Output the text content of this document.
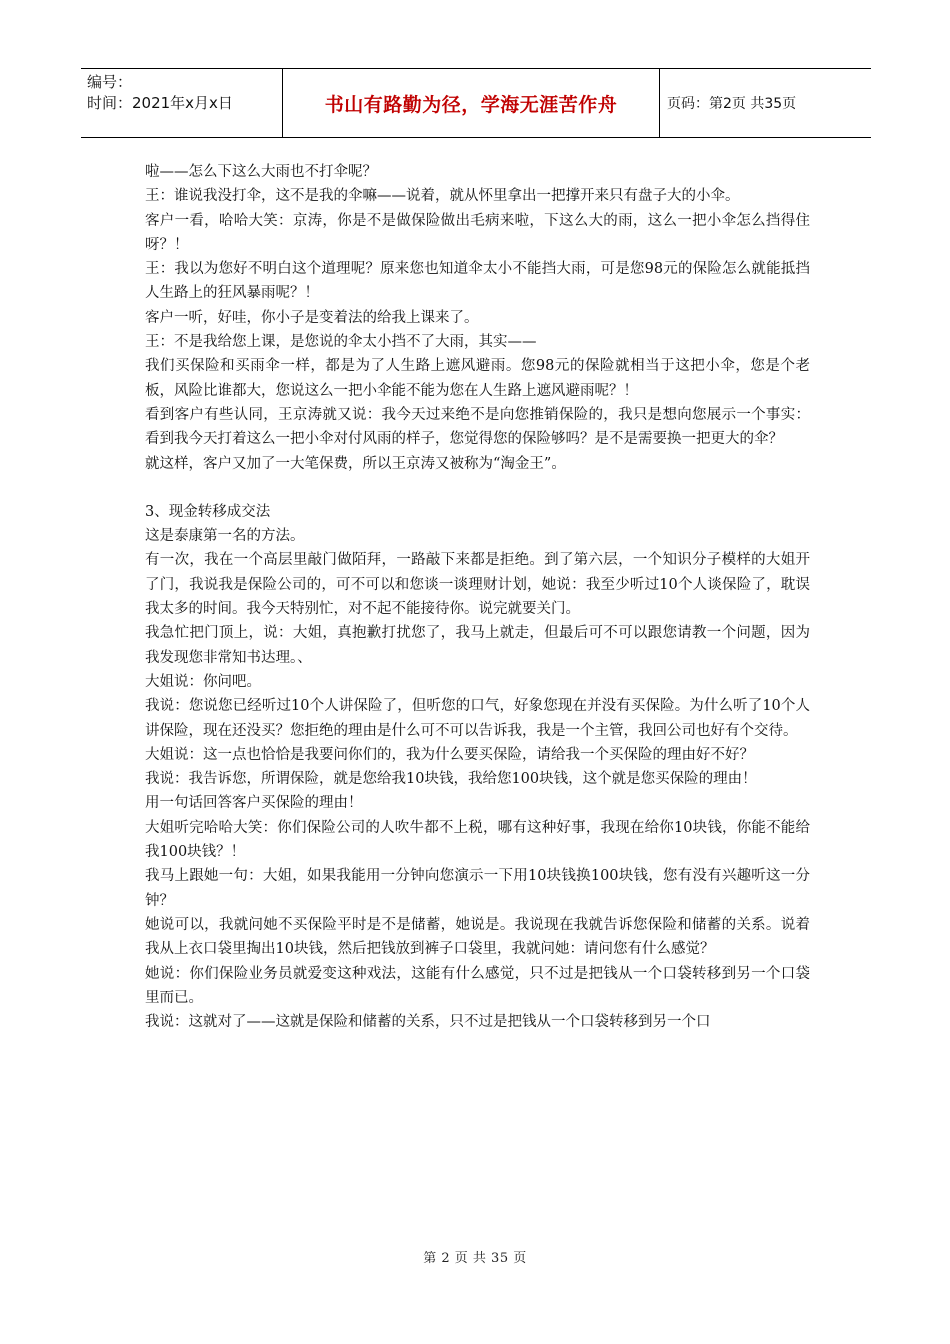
编号：
时间：2021年x月x日	书山有路勤为径，学海无涯苦作舟	页码：第2页 共35页

啦——怎么下这么大雨也不打伞呢？

王：谁说我没打伞，这不是我的伞嘛——说着，就从怀里拿出一把撑开来只有盘子大的小伞。

客户一看，哈哈大笑：京涛，你是不是做保险做出毛病来啦，下这么大的雨，这么一把小伞怎么挡得住呀？！

王：我以为您好不明白这个道理呢？原来您也知道伞太小不能挡大雨，可是您98元的保险怎么就能抵挡人生路上的狂风暴雨呢？！

客户一听，好哇，你小子是变着法的给我上课来了。

王：不是我给您上课，是您说的伞太小挡不了大雨，其实——

我们买保险和买雨伞一样，都是为了人生路上遮风避雨。您98元的保险就相当于这把小伞，您是个老板，风险比谁都大，您说这么一把小伞能不能为您在人生路上遮风避雨呢？！

看到客户有些认同，王京涛就又说：我今天过来绝不是向您推销保险的，我只是想向您展示一个事实：看到我今天打着这么一把小伞对付风雨的样子，您觉得您的保险够吗？是不是需要换一把更大的伞？

就这样，客户又加了一大笔保费，所以王京涛又被称为“淘金王”。

3、现金转移成交法

这是泰康第一名的方法。

有一次，我在一个高层里敲门做陌拜，一路敲下来都是拒绝。到了第六层，一个知识分子模样的大姐开了门，我说我是保险公司的，可不可以和您谈一谈理财计划，她说：我至少听过10个人谈保险了，耽误我太多的时间。我今天特别忙，对不起不能接待你。说完就要关门。

我急忙把门顶上，说：大姐，真抱歉打扰您了，我马上就走，但最后可不可以跟您请教一个问题，因为我发现您非常知书达理。、

大姐说：你问吧。

我说：您说您已经听过10个人讲保险了，但听您的口气，好象您现在并没有买保险。为什么听了10个人讲保险，现在还没买？您拒绝的理由是什么可不可以告诉我，我是一个主管，我回公司也好有个交待。

大姐说：这一点也恰恰是我要问你们的，我为什么要买保险，请给我一个买保险的理由好不好？

我说：我告诉您，所谓保险，就是您给我10块钱，我给您100块钱，这个就是您买保险的理由！

用一句话回答客户买保险的理由！

大姐听完哈哈大笑：你们保险公司的人吹牛都不上税，哪有这种好事，我现在给你10块钱，你能不能给我100块钱？！

我马上跟她一句：大姐，如果我能用一分钟向您演示一下用10块钱换100块钱，您有没有兴趣听这一分钟？

她说可以，我就问她不买保险平时是不是储蓄，她说是。我说现在我就告诉您保险和储蓄的关系。说着我从上衣口袋里掏出10块钱，然后把钱放到裤子口袋里，我就问她：请问您有什么感觉？

她说：你们保险业务员就爱变这种戏法，这能有什么感觉，只不过是把钱从一个口袋转移到另一个口袋里而已。

我说：这就对了——这就是保险和储蓄的关系，只不过是把钱从一个口袋转移到另一个口

第 2 页 共 35 页
